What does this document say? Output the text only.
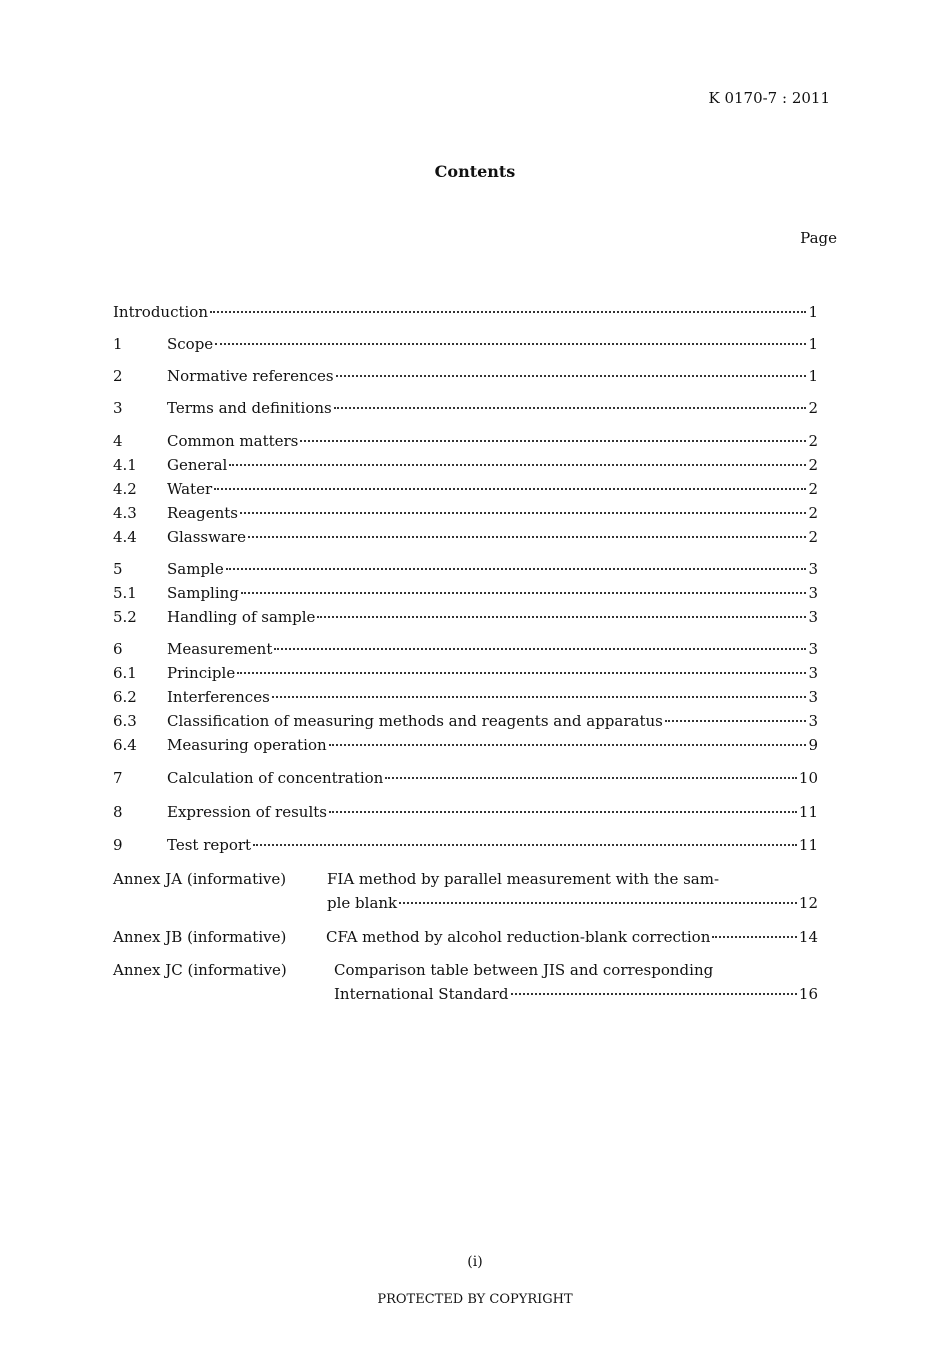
K 0170-7 : 2011
Contents
Page
Introduction	1
1	Scope	1
2	Normative references	1
3	Terms and definitions	2
4	Common matters	2
4.1 General	2
4.2 Water	2
4.3 Reagents	2
4.4 Glassware	2
5	Sample	3
5.1 Sampling	3
5.2 Handling of sample	3
6	Measurement	3
6.1 Principle	3
6.2 Interferences	3
6.3 Classification of measuring methods and reagents and apparatus	3
6.4 Measuring operation	9
7	Calculation of concentration	10
8	Expression of results	11
9	Test report	11
Annex JA (informative)	FIA method by parallel measurement with the sam-
ple blank	12
Annex JB (informative)	CFA method by alcohol reduction-blank correction	14
Annex JC (informative)	Comparison table between JIS and corresponding
International Standard	16
(i)
PROTECTED BY COPYRIGHT
